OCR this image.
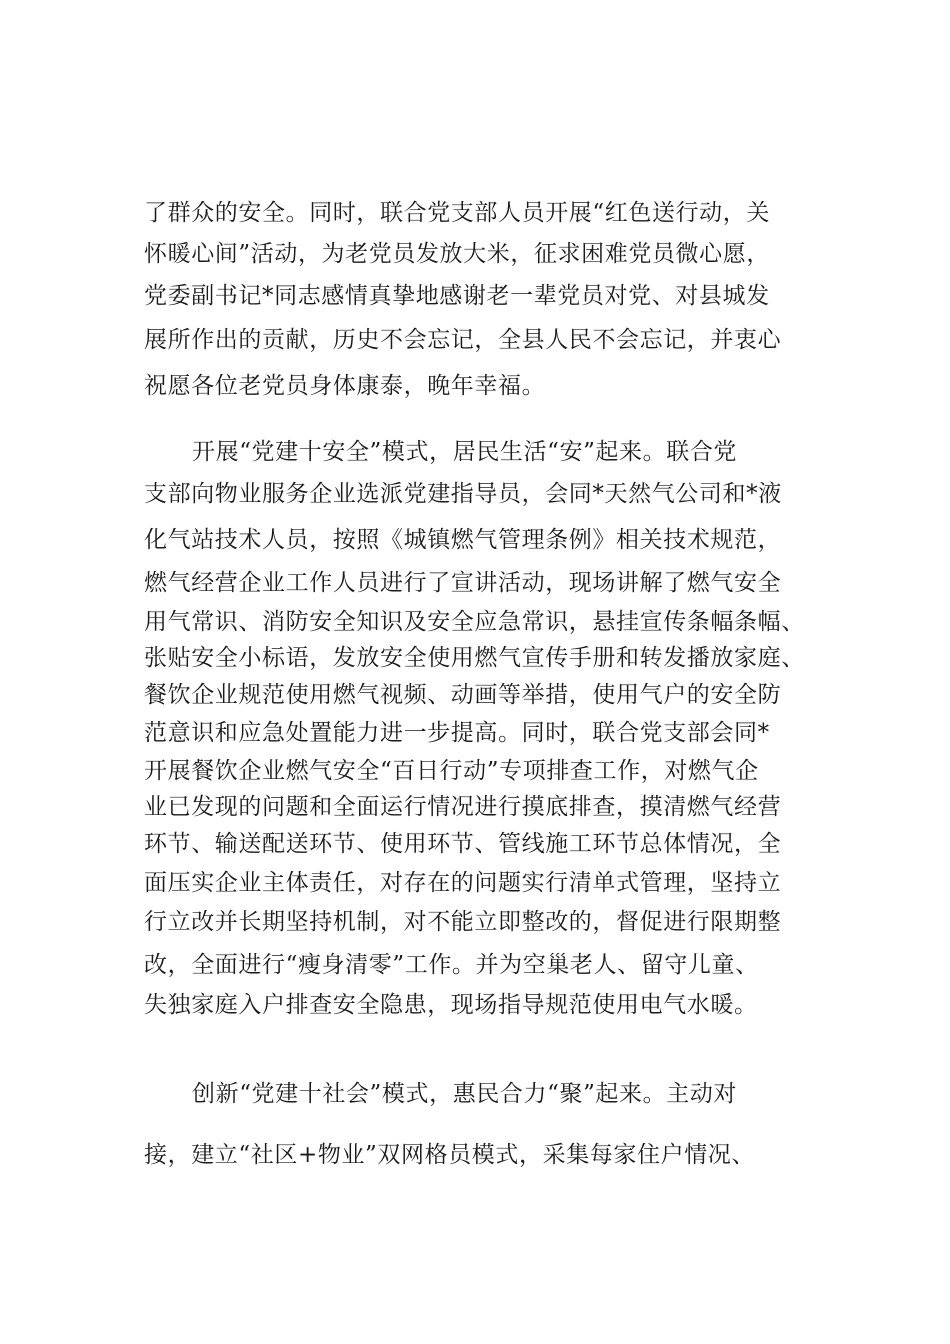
了群众的安全。同时，联合党支部人员开展“红色送行动，关
怀暖心间”活动，为老党员发放大米，征求困难党员微心愿，
党委副书记*同志感情真挚地感谢老一辈党员对党、对县城发
展所作出的贡献，历史不会忘记，全县人民不会忘记，并衷心
祝愿各位老党员身体康泰，晚年幸福。
开展“党建十安全”模式，居民生活“安”起来。联合党
支部向物业服务企业选派党建指导员，会同*天然气公司和*液
化气站技术人员，按照《城镇燃气管理条例》相关技术规范，
燃气经营企业工作人员进行了宣讲活动，现场讲解了燃气安全
用气常识、消防安全知识及安全应急常识，悬挂宣传条幅条幅、
张贴安全小标语，发放安全使用燃气宣传手册和转发播放家庭、
餐饮企业规范使用燃气视频、动画等举措，使用气户的安全防
范意识和应急处置能力进一步提高。同时，联合党支部会同*
开展餐饮企业燃气安全“百日行动”专项排查工作，对燃气企
业已发现的问题和全面运行情况进行摸底排查，摸清燃气经营
环节、输送配送环节、使用环节、管线施工环节总体情况，全
面压实企业主体责任，对存在的问题实行清单式管理，坚持立
行立改并长期坚持机制，对不能立即整改的，督促进行限期整
改，全面进行“瘦身清零”工作。并为空巢老人、留守儿童、
失独家庭入户排查安全隐患，现场指导规范使用电气水暖。
创新“党建十社会”模式，惠民合力“聚”起来。主动对
接，建立“社区+物业”双网格员模式，采集每家住户情况、
